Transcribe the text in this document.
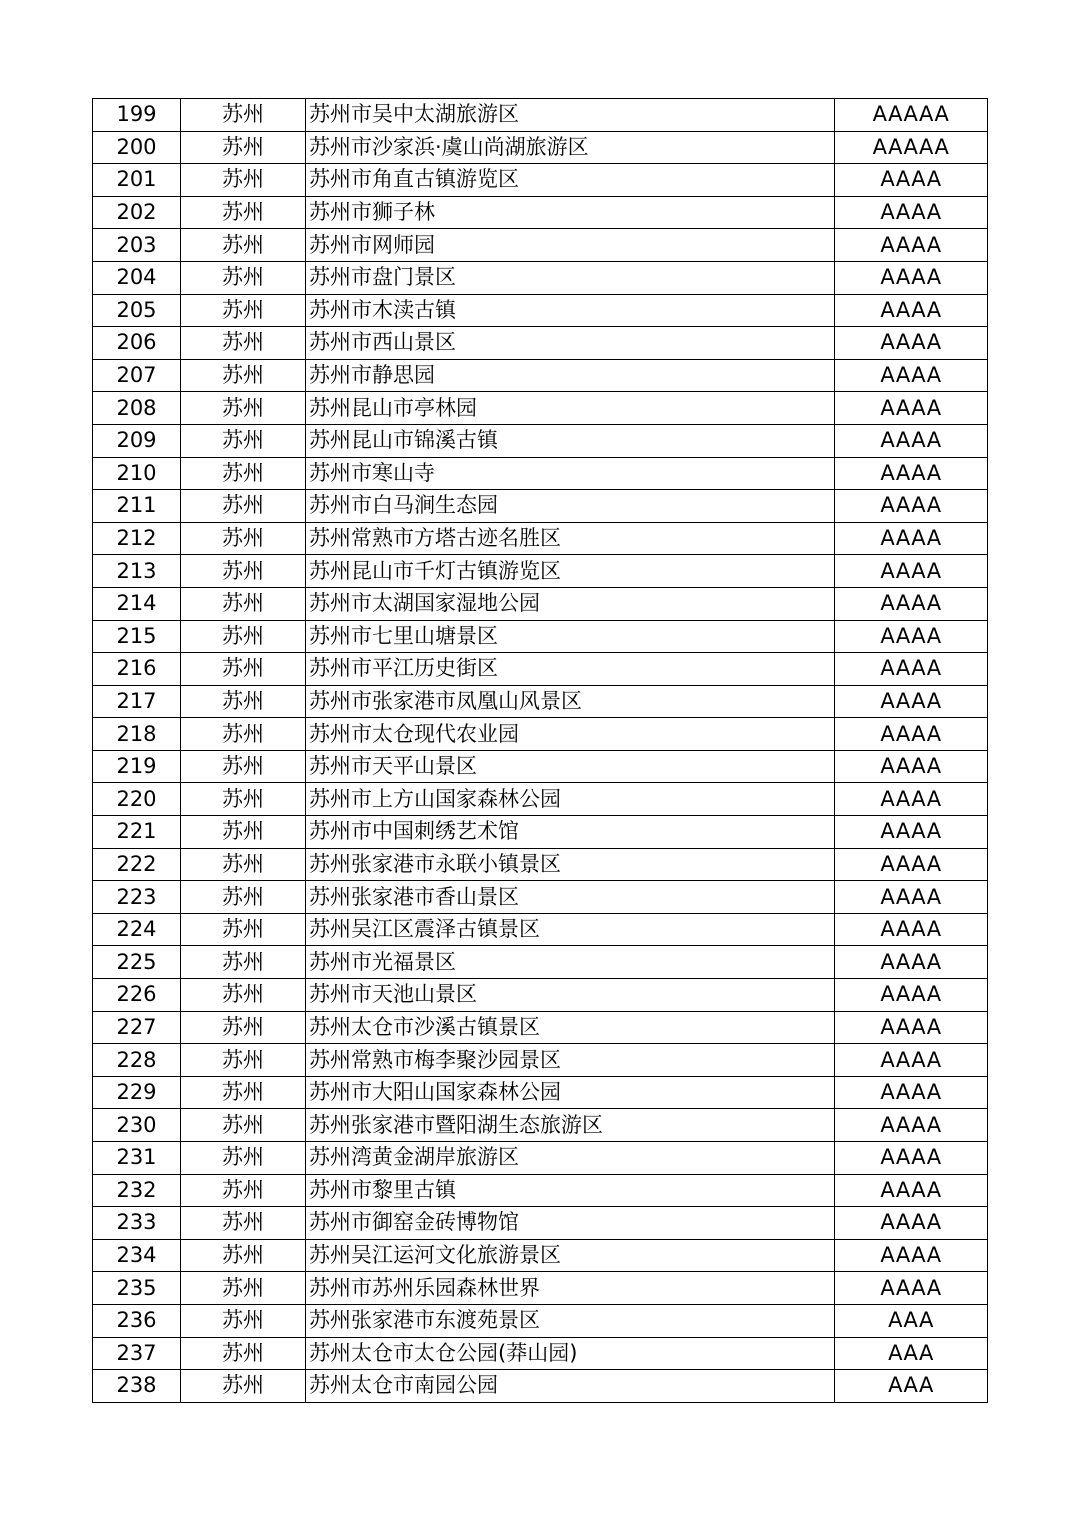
199	苏州	苏州市吴中太湖旅游区	AAAAA
200	苏州	苏州市沙家浜·虞山尚湖旅游区	AAAAA
201	苏州	苏州市角直古镇游览区	AAAA
202	苏州	苏州市狮子林	AAAA
203	苏州	苏州市网师园	AAAA
204	苏州	苏州市盘门景区	AAAA
205	苏州	苏州市木渎古镇	AAAA
206	苏州	苏州市西山景区	AAAA
207	苏州	苏州市静思园	AAAA
208	苏州	苏州昆山市亭林园	AAAA
209	苏州	苏州昆山市锦溪古镇	AAAA
210	苏州	苏州市寒山寺	AAAA
211	苏州	苏州市白马涧生态园	AAAA
212	苏州	苏州常熟市方塔古迹名胜区	AAAA
213	苏州	苏州昆山市千灯古镇游览区	AAAA
214	苏州	苏州市太湖国家湿地公园	AAAA
215	苏州	苏州市七里山塘景区	AAAA
216	苏州	苏州市平江历史街区	AAAA
217	苏州	苏州市张家港市凤凰山风景区	AAAA
218	苏州	苏州市太仓现代农业园	AAAA
219	苏州	苏州市天平山景区	AAAA
220	苏州	苏州市上方山国家森林公园	AAAA
221	苏州	苏州市中国刺绣艺术馆	AAAA
222	苏州	苏州张家港市永联小镇景区	AAAA
223	苏州	苏州张家港市香山景区	AAAA
224	苏州	苏州吴江区震泽古镇景区	AAAA
225	苏州	苏州市光福景区	AAAA
226	苏州	苏州市天池山景区	AAAA
227	苏州	苏州太仓市沙溪古镇景区	AAAA
228	苏州	苏州常熟市梅李聚沙园景区	AAAA
229	苏州	苏州市大阳山国家森林公园	AAAA
230	苏州	苏州张家港市暨阳湖生态旅游区	AAAA
231	苏州	苏州湾黄金湖岸旅游区	AAAA
232	苏州	苏州市黎里古镇	AAAA
233	苏州	苏州市御窑金砖博物馆	AAAA
234	苏州	苏州吴江运河文化旅游景区	AAAA
235	苏州	苏州市苏州乐园森林世界	AAAA
236	苏州	苏州张家港市东渡苑景区	AAA
237	苏州	苏州太仓市太仓公园(莽山园)	AAA
238	苏州	苏州太仓市南园公园	AAA
